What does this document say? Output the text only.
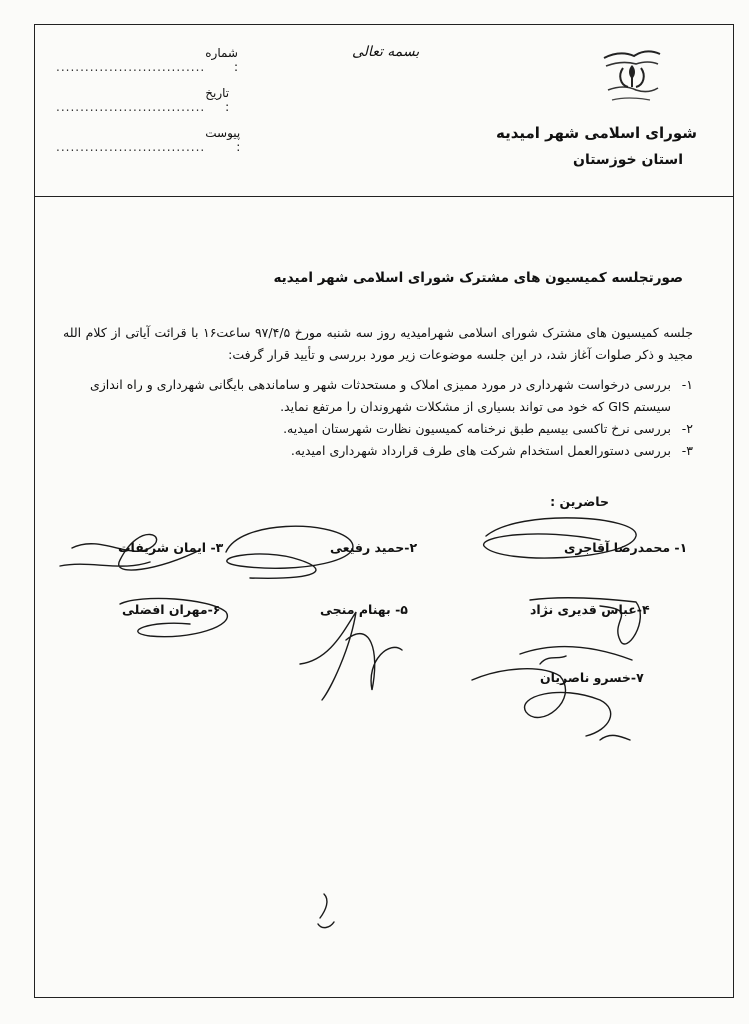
بسمه تعالی
شورای اسلامی شهر امیدیه
استان خوزستان
...............................
شماره :
...............................
تاریخ :
...............................
پیوست :
صورتجلسه کمیسیون های مشترک شورای اسلامی شهر امیدیه

جلسه کمیسیون های مشترک شورای اسلامی شهرامیدیه روز سه شنبه مورخ ۹۷/۴/۵ ساعت۱۶ با قرائت آیاتی از کلام الله مجید و ذکر صلوات آغاز شد، در این جلسه موضوعات زیر مورد بررسی و تأیید قرار گرفت:

۱-
بررسی درخواست شهرداری در مورد ممیزی املاک و مستحدثات شهر و ساماندهی بایگانی شهرداری و راه اندازی سیستم GIS که خود می تواند بسیاری از مشکلات شهروندان را مرتفع نماید.
۲-
بررسی نرخ تاکسی بیسیم طبق نرخنامه کمیسیون نظارت شهرستان امیدیه.
۳-
بررسی دستورالعمل استخدام شرکت های طرف قرارداد شهرداری امیدیه.
حاضرین :
۱- محمدرضا آقاجری
۲-حمید رفیعی
۳- ایمان شریفات
۴-عباس قدیری نژاد
۵- بهنام منجی
۶-مهران افضلی
۷-خسرو ناصریان
